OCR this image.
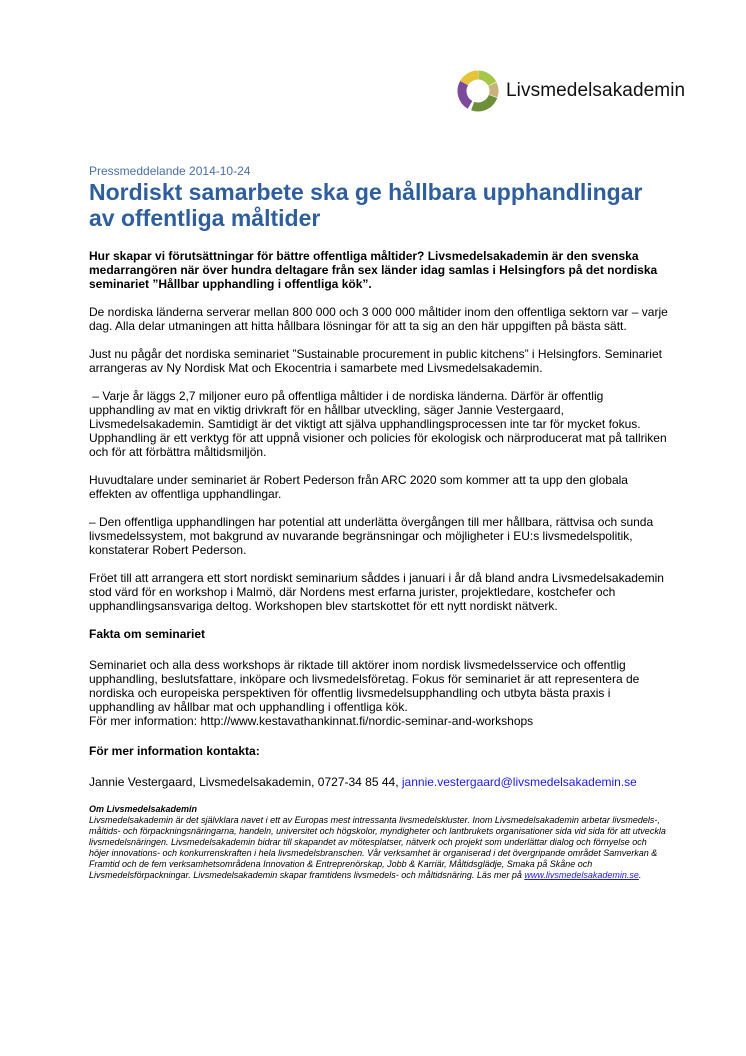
Livsmedelsakademin
Pressmeddelande 2014-10-24
Nordiskt samarbete ska ge hållbara upphandlingar av offentliga måltider

Hur skapar vi förutsättningar för bättre offentliga måltider? Livsmedelsakademin är den svenska medarrangören när över hundra deltagare från sex länder idag samlas i Helsingfors på det nordiska seminariet ”Hållbar upphandling i offentliga kök”.

De nordiska länderna serverar mellan 800 000 och 3 000 000 måltider inom den offentliga sektorn var – varje dag. Alla delar utmaningen att hitta hållbara lösningar för att ta sig an den här uppgiften på bästa sätt.

Just nu pågår det nordiska seminariet ”Sustainable procurement in public kitchens” i Helsingfors. Seminariet arrangeras av Ny Nordisk Mat och Ekocentria i samarbete med Livsmedelsakademin.

– Varje år läggs 2,7 miljoner euro på offentliga måltider i de nordiska länderna. Därför är offentlig upphandling av mat en viktig drivkraft för en hållbar utveckling, säger Jannie Vestergaard, Livsmedelsakademin. Samtidigt är det viktigt att själva upphandlingsprocessen inte tar för mycket fokus. Upphandling är ett verktyg för att uppnå visioner och policies för ekologisk och närproducerat mat på tallriken och för att förbättra måltidsmiljön.

Huvudtalare under seminariet är Robert Pederson från ARC 2020 som kommer att ta upp den globala effekten av offentliga upphandlingar.

– Den offentliga upphandlingen har potential att underlätta övergången till mer hållbara, rättvisa och sunda livsmedelssystem, mot bakgrund av nuvarande begränsningar och möjligheter i EU:s livsmedelspolitik, konstaterar Robert Pederson.

Fröet till att arrangera ett stort nordiskt seminarium såddes i januari i år då bland andra Livsmedelsakademin stod värd för en workshop i Malmö, där Nordens mest erfarna jurister, projektledare, kostchefer och upphandlingsansvariga deltog. Workshopen blev startskottet för ett nytt nordiskt nätverk.

Fakta om seminariet

Seminariet och alla dess workshops är riktade till aktörer inom nordisk livsmedelsservice och offentlig upphandling, beslutsfattare, inköpare och livsmedelsföretag. Fokus för seminariet är att representera de nordiska och europeiska perspektiven för offentlig livsmedelsupphandling och utbyta bästa praxis i upphandling av hållbar mat och upphandling i offentliga kök.

För mer information: http://www.kestavathankinnat.fi/nordic-seminar-and-workshops

För mer information kontakta:

Jannie Vestergaard, Livsmedelsakademin, 0727-34 85 44, jannie.vestergaard@livsmedelsakademin.se

Om Livsmedelsakademin
Livsmedelsakademin är det självklara navet i ett av Europas mest intressanta livsmedelskluster. Inom Livsmedelsakademin arbetar livsmedels-, måltids- och förpackningsnäringarna, handeln, universitet och högskolor, myndigheter och lantbrukets organisationer sida vid sida för att utveckla livsmedelsnäringen. Livsmedelsakademin bidrar till skapandet av mötesplatser, nätverk och projekt som underlättar dialog och förnyelse och höjer innovations- och konkurrenskraften i hela livsmedelsbranschen. Vår verksamhet är organiserad i det övergripande området Samverkan & Framtid och de fem verksamhetsområdena Innovation & Entreprenörskap, Jobb & Karriär, Måltidsglädje, Smaka på Skåne och Livsmedelsförpackningar. Livsmedelsakademin skapar framtidens livsmedels- och måltidsnäring. Läs mer på www.livsmedelsakademin.se.
